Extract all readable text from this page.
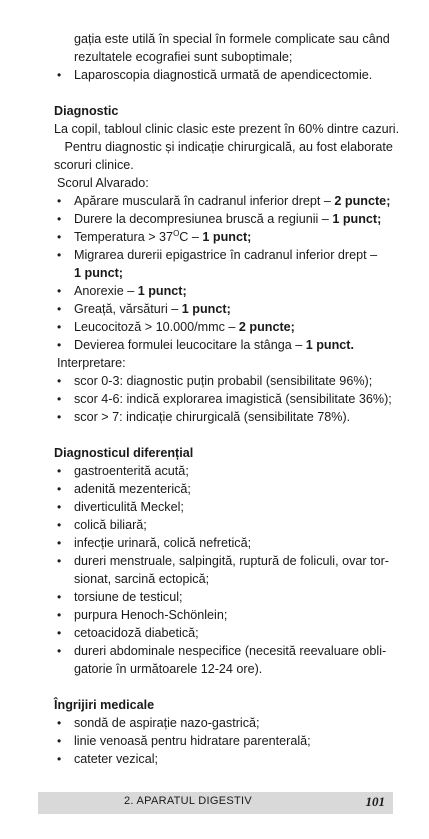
gația este utilă în special în formele complicate sau când
rezultatele ecografiei sunt suboptimale;
• Laparoscopia diagnostică urmată de apendicectomie.
Diagnostic
La copil, tabloul clinic clasic este prezent în 60% dintre cazuri.
Pentru diagnostic și indicație chirurgicală, au fost elaborate
scoruri clinice.
Scorul Alvarado:
• Apărare musculară în cadranul inferior drept – 2 puncte;
• Durere la decompresiunea bruscă a regiunii – 1 punct;
• Temperatura > $37^OC - 1$ punct;
• Migrarea durerii epigastrice în cadranul inferior drept –
1 punct;
• Anorexie – 1 punct;
• Greață, vărsături – 1 punct;
• Leucocitoză > 10.000/mmc – 2 puncte;
• Devierea formulei leucocitare la stânga – 1 punct.
Interpretare:
• scor 0-3: diagnostic puțin probabil (sensibilitate 96%);
• scor 4-6: indică explorarea imagistică (sensibilitate 36%);
• scor > 7: indicație chirurgicală (sensibilitate 78%).
Diagnosticul diferențial
• gastroenterită acută;
• adenită mezenterică;
• diverticulită Meckel;
• colică biliară;
• infecție urinară, colică nefretică;
• dureri menstruale, salpingită, ruptură de foliculi, ovar tor-
sionat, sarcină ectopică;
• torsiune de testicul;
• purpura Henoch-Schönlein;
• cetoacidoză diabetică;
• dureri abdominale nespecifice (necesită reevaluare obli-
gatorie în următoarele 12-24 ore).
Îngrijiri medicale
• sondă de aspirație nazo-gastrică;
• linie venoasă pentru hidratare parenterală;
• cateter vezical;
2. APARATUL DIGESTIV	101
